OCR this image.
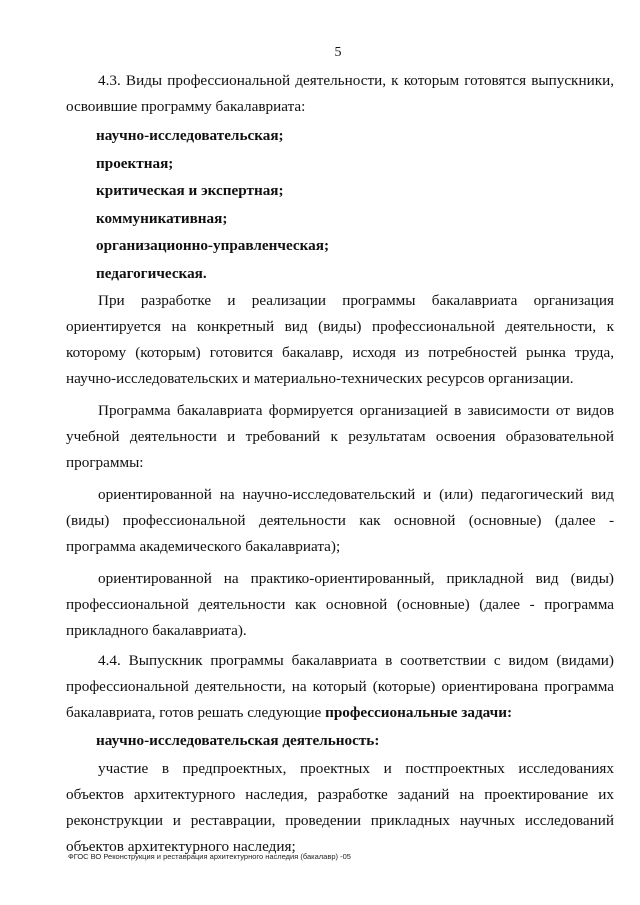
5

4.3. Виды профессиональной деятельности, к которым готовятся выпускники, освоившие программу бакалавриата:

научно-исследовательская;

проектная;

критическая и экспертная;

коммуникативная;

организационно-управленческая;

педагогическая.

При разработке и реализации программы бакалавриата организация ориентируется на конкретный вид (виды) профессиональной деятельности, к которому (которым) готовится бакалавр, исходя из потребностей рынка труда, научно-исследовательских и материально-технических ресурсов организации.

Программа бакалавриата формируется организацией в зависимости от видов учебной деятельности и требований к результатам освоения образовательной программы:

ориентированной на научно-исследовательский и (или) педагогический вид (виды) профессиональной деятельности как основной (основные) (далее - программа академического бакалавриата);

ориентированной на практико-ориентированный, прикладной вид (виды) профессиональной деятельности как основной (основные) (далее - программа прикладного бакалавриата).

4.4. Выпускник программы бакалавриата в соответствии с видом (видами) профессиональной деятельности, на который (которые) ориентирована программа бакалавриата, готов решать следующие профессиональные задачи:

научно-исследовательская деятельность:

участие в предпроектных, проектных и постпроектных исследованиях объектов архитектурного наследия, разработке заданий на проектирование их реконструкции и реставрации, проведении прикладных научных исследований объектов архитектурного наследия;

ФГОС ВО Реконструкция и реставрация архитектурного наследия (бакалавр) -05
